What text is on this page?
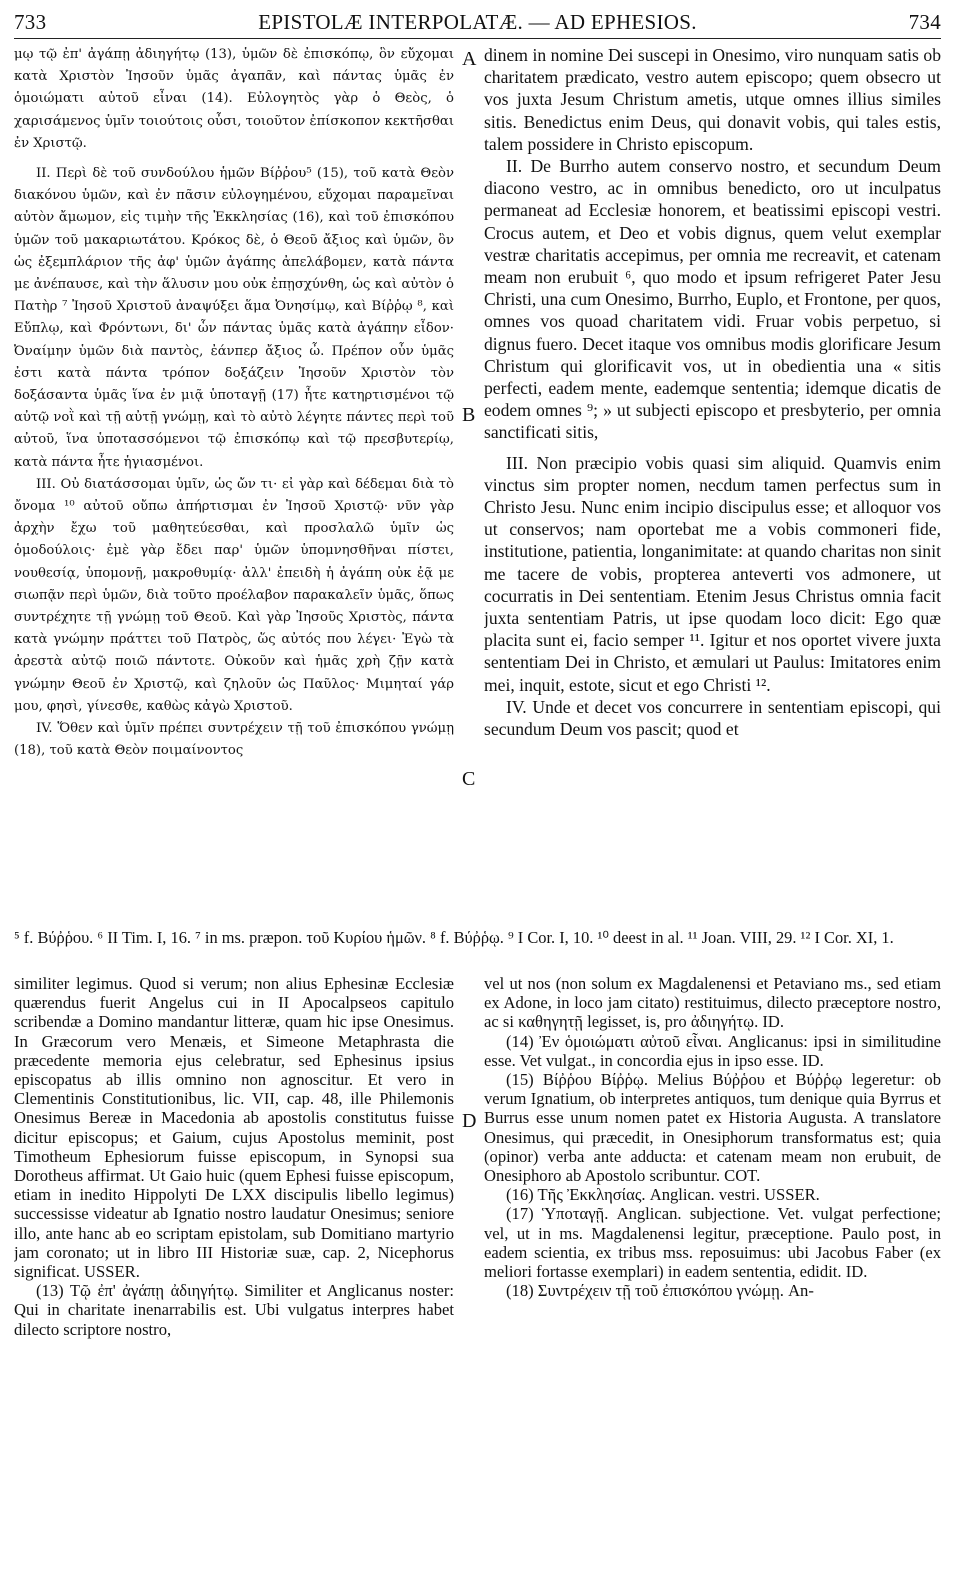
733	EPISTOLÆ INTERPOLATÆ. — AD EPHESIOS.	734

μῳ τῷ ἐπ' ἀγάπῃ ἀδιηγήτῳ (13), ὑμῶν δὲ ἐπισκόπῳ, ὃν εὔχομαι κατὰ Χριστὸν Ἰησοῦν ὑμᾶς ἀγαπᾶν, καὶ πάντας ὑμᾶς ἐν ὁμοιώματι αὐτοῦ εἶναι (14). Εὐλογητὸς γὰρ ὁ Θεὸς, ὁ χαρισάμενος ὑμῖν τοιούτοις οὖσι, τοιοῦτον ἐπίσκοπον κεκτῆσθαι ἐν Χριστῷ.

II. Περὶ δὲ τοῦ συνδούλου ἡμῶν Βίῤῥου⁵ (15), τοῦ κατὰ Θεὸν διακόνου ὑμῶν, καὶ ἐν πᾶσιν εὐλογημένου, εὔχομαι παραμεῖναι αὐτὸν ἄμωμον, εἰς τιμὴν τῆς Ἐκκλησίας (16), καὶ τοῦ ἐπισκόπου ὑμῶν τοῦ μακαριωτάτου. Κρόκος δὲ, ὁ Θεοῦ ἄξιος καὶ ὑμῶν, ὃν ὡς ἐξεμπλάριον τῆς ἀφ' ὑμῶν ἀγάπης ἀπελάβομεν, κατὰ πάντα με ἀνέπαυσε, καὶ τὴν ἅλυσιν μου οὐκ ἐπῃσχύνθη, ὡς καὶ αὐτὸν ὁ Πατὴρ ⁷ Ἰησοῦ Χριστοῦ ἀναψύξει ἅμα Ὀνησίμῳ, καὶ Βίῤῥῳ ⁸, καὶ Εὔπλῳ, καὶ Φρόντωνι, δι' ὧν πάντας ὑμᾶς κατὰ ἀγάπην εἶδον· Ὀναίμην ὑμῶν διὰ παντὸς, ἐάνπερ ἄξιος ὦ. Πρέπον οὖν ὑμᾶς ἐστι κατὰ πάντα τρόπον δοξάζειν Ἰησοῦν Χριστὸν τὸν δοξάσαντα ὑμᾶς ἵνα ἐν μιᾷ ὑποταγῇ (17) ἦτε κατηρτισμένοι τῷ αὐτῷ νοῒ καὶ τῇ αὐτῇ γνώμῃ, καὶ τὸ αὐτὸ λέγητε πάντες περὶ τοῦ αὐτοῦ, ἵνα ὑποτασσόμενοι τῷ ἐπισκόπῳ καὶ τῷ πρεσβυτερίῳ, κατὰ πάντα ἦτε ἡγιασμένοι.

III. Οὐ διατάσσομαι ὑμῖν, ὡς ὤν τι· εἰ γὰρ καὶ δέδεμαι διὰ τὸ ὄνομα ¹⁰ αὐτοῦ οὔπω ἀπήρτισμαι ἐν Ἰησοῦ Χριστῷ· νῦν γὰρ ἀρχὴν ἔχω τοῦ μαθητεύεσθαι, καὶ προσλαλῶ ὑμῖν ὡς ὁμοδούλοις· ἐμὲ γὰρ ἔδει παρ' ὑμῶν ὑπομνησθῆναι πίστει, νουθεσίᾳ, ὑπομονῇ, μακροθυμίᾳ· ἀλλ' ἐπειδὴ ἡ ἀγάπη οὐκ ἐᾷ με σιωπᾷν περὶ ὑμῶν, διὰ τοῦτο προέλαβον παρακαλεῖν ὑμᾶς, ὅπως συντρέχητε τῇ γνώμῃ τοῦ Θεοῦ. Καὶ γὰρ Ἰησοῦς Χριστὸς, πάντα κατὰ γνώμην πράττει τοῦ Πατρὸς, ὥς αὐτός που λέγει· Ἐγὼ τὰ ἀρεστὰ αὐτῷ ποιῶ πάντοτε. Οὐκοῦν καὶ ἡμᾶς χρὴ ζῇν κατὰ γνώμην Θεοῦ ἐν Χριστῷ, καὶ ζηλοῦν ὡς Παῦλος· Μιμηταί γάρ μου, φησὶ, γίνεσθε, καθὼς κἀγὼ Χριστοῦ.

IV. Ὅθεν καὶ ὑμῖν πρέπει συντρέχειν τῇ τοῦ ἐπισκόπου γνώμῃ (18), τοῦ κατὰ Θεὸν ποιμαίνοντος

A
B
C
D

dinem in nomine Dei suscepi in Onesimo, viro nunquam satis ob charitatem prædicato, vestro autem episcopo; quem obsecro ut vos juxta Jesum Christum ametis, utque omnes illius similes sitis. Benedictus enim Deus, qui donavit vobis, qui tales estis, talem possidere in Christo episcopum.

II. De Burrho autem conservo nostro, et secundum Deum diacono vestro, ac in omnibus benedicto, oro ut inculpatus permaneat ad Ecclesiæ honorem, et beatissimi episcopi vestri. Crocus autem, et Deo et vobis dignus, quem velut exemplar vestræ charitatis accepimus, per omnia me recreavit, et catenam meam non erubuit ⁶, quo modo et ipsum refrigeret Pater Jesu Christi, una cum Onesimo, Burrho, Euplo, et Frontone, per quos, omnes vos quoad charitatem vidi. Fruar vobis perpetuo, si dignus fuero. Decet itaque vos omnibus modis glorificare Jesum Christum qui glorificavit vos, ut in obedientia una « sitis perfecti, eadem mente, eademque sententia; idemque dicatis de eodem omnes ⁹; » ut subjecti episcopo et presbyterio, per omnia sanctificati sitis,

III. Non præcipio vobis quasi sim aliquid. Quamvis enim vinctus sim propter nomen, necdum tamen perfectus sum in Christo Jesu. Nunc enim incipio discipulus esse; et alloquor vos ut conservos; nam oportebat me a vobis commoneri fide, institutione, patientia, longanimitate: at quando charitas non sinit me tacere de vobis, propterea anteverti vos admonere, ut cocurratis in Dei sententiam. Etenim Jesus Christus omnia facit juxta sententiam Patris, ut ipse quodam loco dicit: Ego quæ placita sunt ei, facio semper ¹¹. Igitur et nos oportet vivere juxta sententiam Dei in Christo, et æmulari ut Paulus: Imitatores enim mei, inquit, estote, sicut et ego Christi ¹².

IV. Unde et decet vos concurrere in sententiam episcopi, qui secundum Deum vos pascit; quod et

⁵ f. Βύῤῥου. ⁶ II Tim. I, 16. ⁷ in ms. præpon. τοῦ Κυρίου ἡμῶν. ⁸ f. Βύῤῥῳ. ⁹ I Cor. I, 10. ¹⁰ deest in al. ¹¹ Joan. VIII, 29. ¹² I Cor. XI, 1.

similiter legimus. Quod si verum; non alius Ephesinæ Ecclesiæ quærendus fuerit Angelus cui in II Apocalpseos capitulo scribendæ a Domino mandantur litteræ, quam hic ipse Onesimus. In Græcorum vero Menæis, et Simeone Metaphrasta die præcedente memoria ejus celebratur, sed Ephesinus ipsius episcopatus ab illis omnino non agnoscitur. Et vero in Clementinis Constitutionibus, lic. VII, cap. 48, ille Philemonis Onesimus Bereæ in Macedonia ab apostolis constitutus fuisse dicitur episcopus; et Gaium, cujus Apostolus meminit, post Timotheum Ephesiorum fuisse episcopum, in Synopsi sua Dorotheus affirmat. Ut Gaio huic (quem Ephesi fuisse episcopum, etiam in inedito Hippolyti De LXX discipulis libello legimus) successisse videatur ab Ignatio nostro laudatur Onesimus; seniore illo, ante hanc ab eo scriptam epistolam, sub Domitiano martyrio jam coronato; ut in libro III Historiæ suæ, cap. 2, Nicephorus significat. USSER.

(13) Τῷ ἐπ' ἀγάπῃ ἀδιηγήτῳ. Similiter et Anglicanus noster: Qui in charitate inenarrabilis est. Ubi vulgatus interpres habet dilecto scriptore nostro,

vel ut nos (non solum ex Magdalenensi et Petaviano ms., sed etiam ex Adone, in loco jam citato) restituimus, dilecto præceptore nostro, ac si καθηγητῇ legisset, is, pro ἀδιηγήτῳ. ID.

(14) Ἐν ὁμοιώματι αὐτοῦ εἶναι. Anglicanus: ipsi in similitudine esse. Vet vulgat., in concordia ejus in ipso esse. ID.

(15) Βίῤῥου Βίῤῥῳ. Melius Βύῤῥου et Βύῤῥῳ legeretur: ob verum Ignatium, ob interpretes antiquos, tum denique quia Byrrus et Burrus esse unum nomen patet ex Historia Augusta. A translatore Onesimus, qui præcedit, in Onesiphorum transformatus est; quia (opinor) verba ante adducta: et catenam meam non erubuit, de Onesiphoro ab Apostolo scribuntur. COT.

(16) Τῆς Ἐκκλησίας. Anglican. vestri. USSER.

(17) Ὑποταγῇ. Anglican. subjectione. Vet. vulgat perfectione; vel, ut in ms. Magdalenensi legitur, præceptione. Paulo post, in eadem scientia, ex tribus mss. reposuimus: ubi Jacobus Faber (ex meliori fortasse exemplari) in eadem sententia, edidit. ID.

(18) Συντρέχειν τῇ τοῦ ἐπισκόπου γνώμῃ. An-
